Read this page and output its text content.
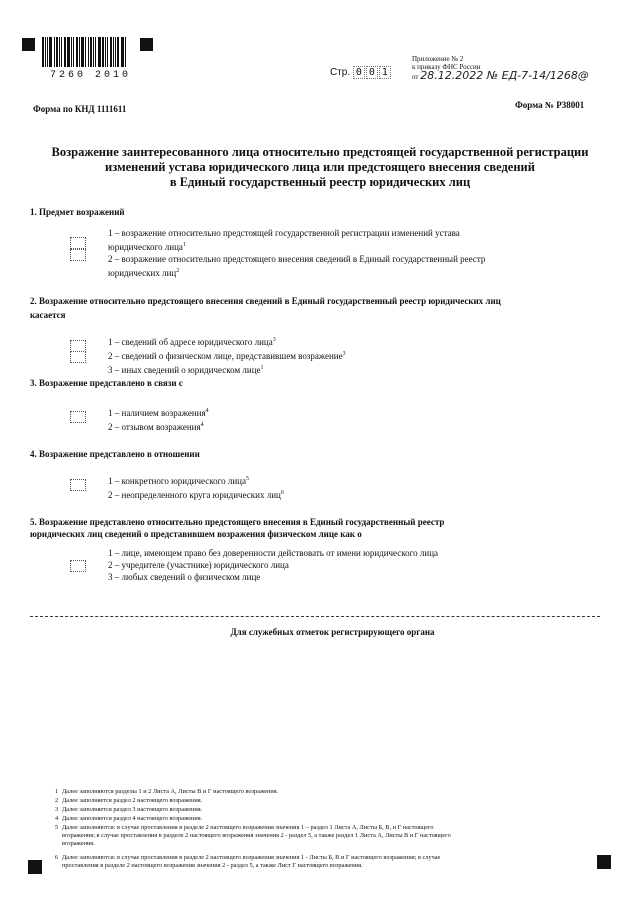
7260 2010	Стр. 0 0 1
Приложение № 2
к приказу ФНС России
от 28.12.2022 № ЕД-7-14/1268@
Форма по КНД 1111611	Форма № Р38001
Возражение заинтересованного лица относительно предстоящей государственной регистрации
изменений устава юридического лица или предстоящего внесения сведений
в Единый государственный реестр юридических лиц
1. Предмет возражений
1 – возражение относительно предстоящей государственной регистрации изменений устава
юридического лица$^1$
2 – возражение относительно предстоящего внесения сведений в Единый государственный реестр
юридических лиц$^2$
2. Возражение относительно предстоящего внесения сведений в Единый государственный реестр юридических лиц
касается
1 – сведений об адресе юридического лица$^3$
2 – сведений о физическом лице, представившем возражение$^3$
3 – иных сведений о юридическом лице$^1$
3. Возражение представлено в связи с
1 – наличием возражения$^4$
2 – отзывом возражения$^4$
4. Возражение представлено в отношении
1 – конкретного юридического лица$^5$
2 – неопределенного круга юридических лиц$^6$
5. Возражение представлено относительно предстоящего внесения в Единый государственный реестр
юридических лиц сведений о представившем возражения физическом лице как о
1 – лице, имеющем право без доверенности действовать от имени юридического лица
2 – учредителе (участнике) юридического лица
3 – любых сведений о физическом лице
Для служебных отметок регистрирующего органа
1 Далее заполняются разделы 1 и 2 Листа А, Листы В и Г настоящего возражения.
2 Далее заполняется раздел 2 настоящего возражения.
3 Далее заполняется раздел 3 настоящего возражения.
4 Далее заполняется раздел 4 настоящего возражения.
5 Далее заполняются: в случае проставления в разделе 2 настоящего возражения значения 1 – раздел 1 Листа А, Листы Б, В, и Г настоящего
возражения; в случае проставления в разделе 2 настоящего возражения значения 2 - раздел 5, а также раздел 1 Листа А, Листы В и Г настоящего
возражения.
6 Далее заполняются: в случае проставления в разделе 2 настоящего возражения значения 1 - Листы Б, В и Г настоящего возражения; в случае
проставления в разделе 2 настоящего возражения значения 2 - раздел 5, а также Лист Г настоящего возражения.
